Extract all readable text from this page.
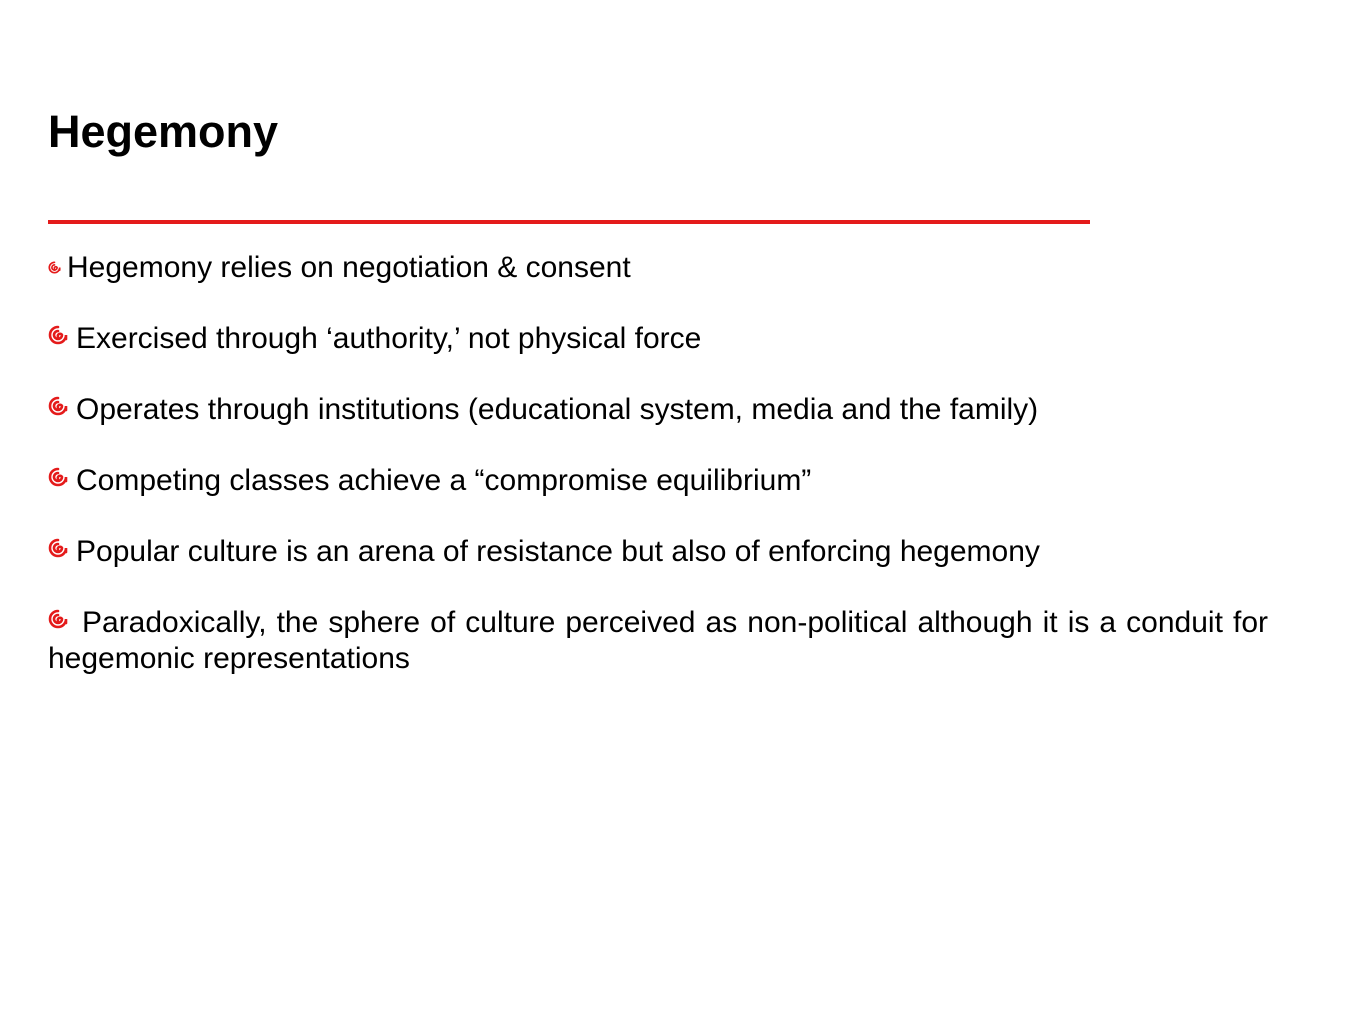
Hegemony
Hegemony relies on negotiation & consent
Exercised through ‘authority,’ not physical force
Operates through institutions (educational system, media and the family)
Competing classes achieve a “compromise equilibrium”
Popular culture is an arena of resistance but also of enforcing hegemony
Paradoxically, the sphere of culture perceived as non-political although it is a conduit for hegemonic representations
